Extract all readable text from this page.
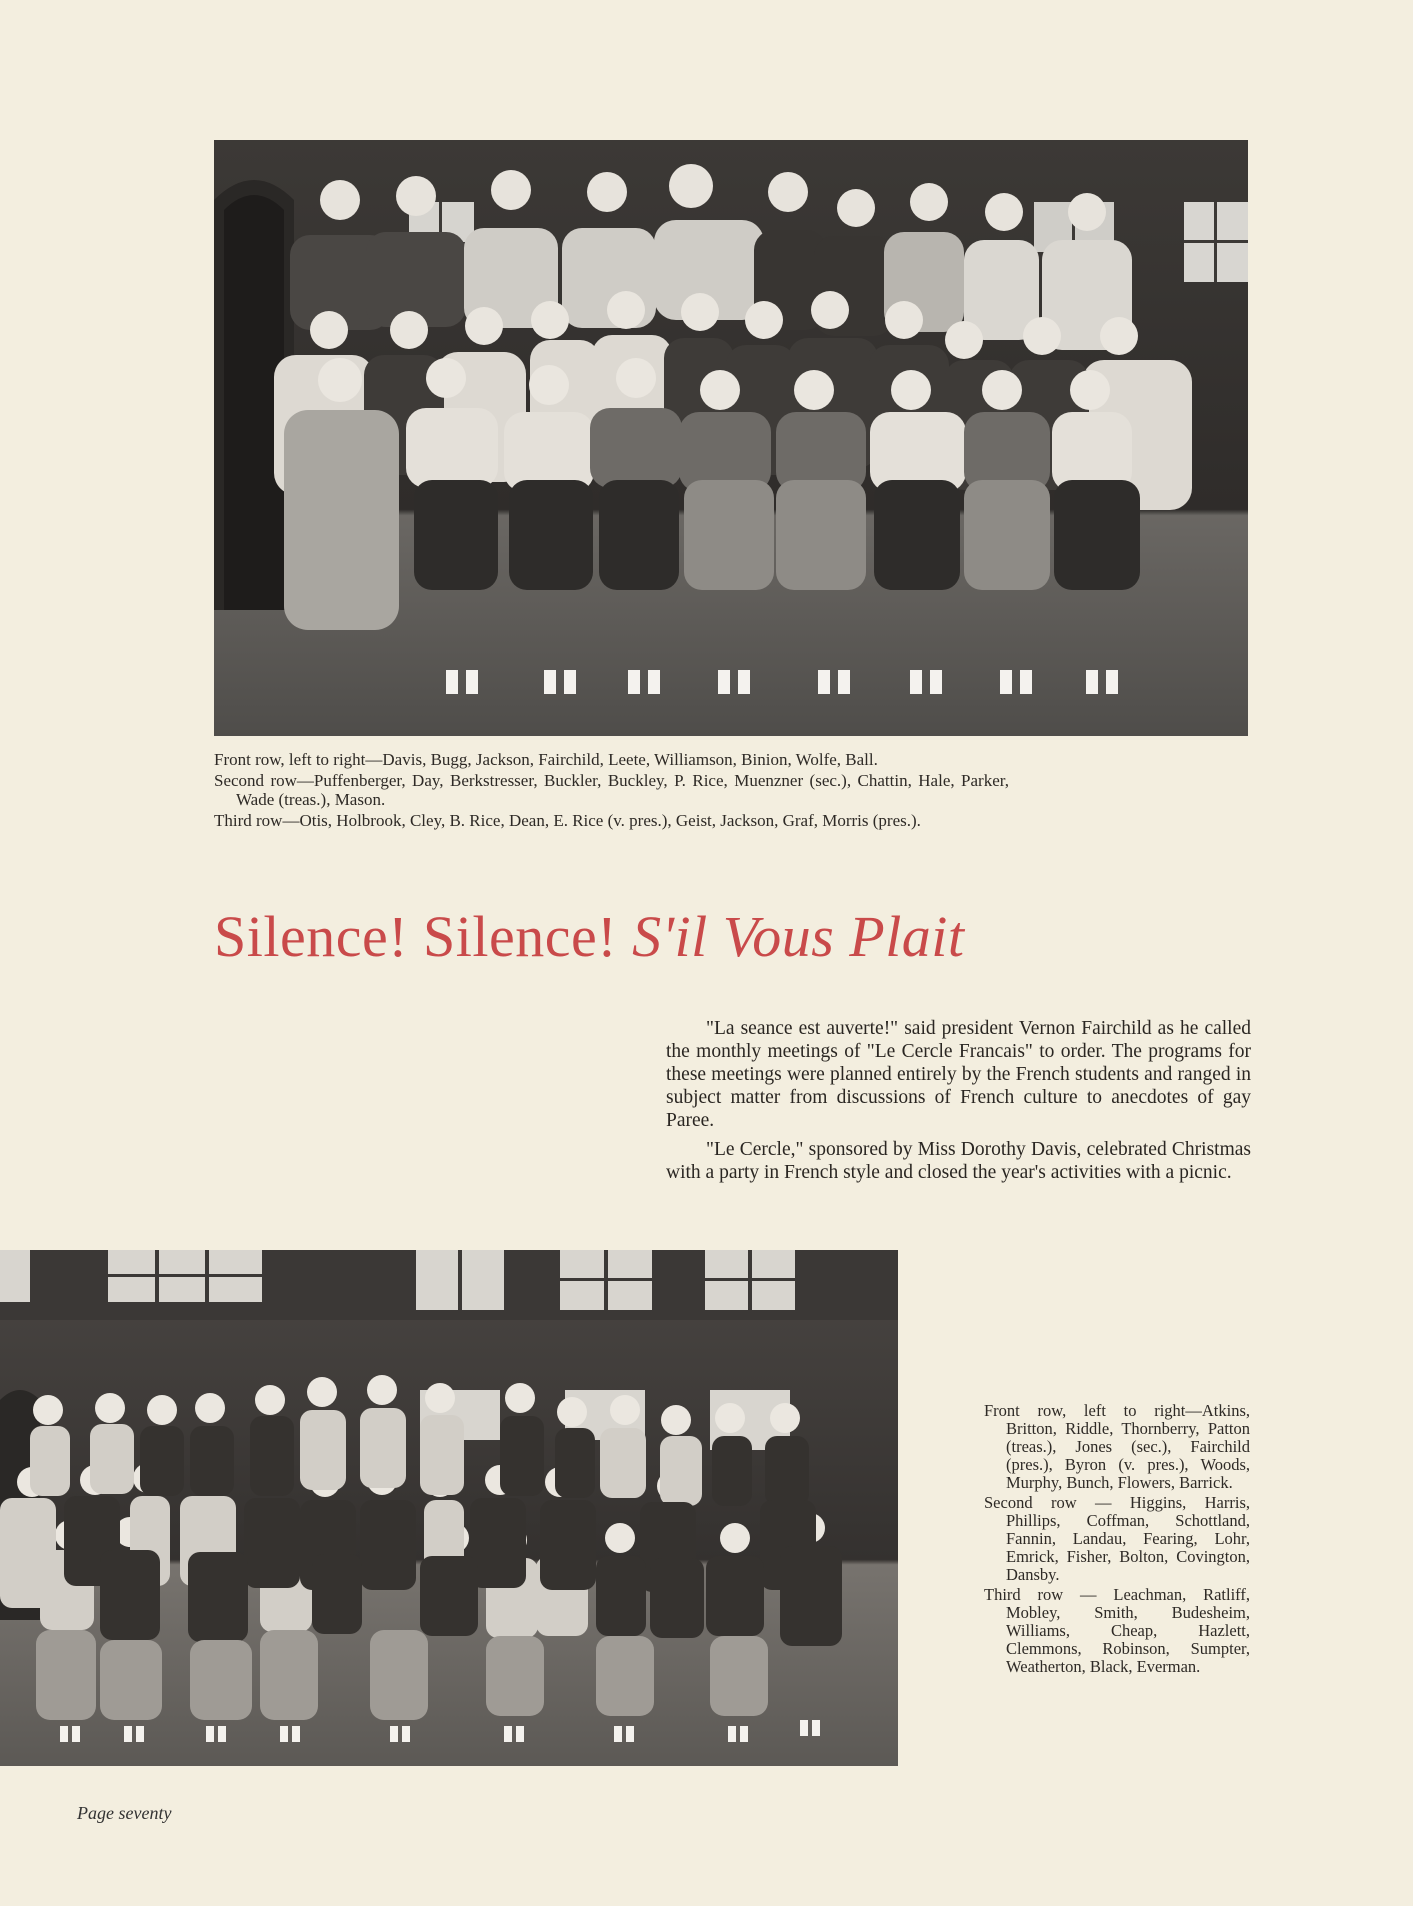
Front row, left to right—Davis, Bugg, Jackson, Fairchild, Leete, Williamson, Binion, Wolfe, Ball.

Second row—Puffenberger, Day, Berkstresser, Buckler, Buckley, P. Rice, Muenzner (sec.), Chattin, Hale, Parker, Wade (treas.), Mason.

Third row—Otis, Holbrook, Cley, B. Rice, Dean, E. Rice (v. pres.), Geist, Jackson, Graf, Morris (pres.).

Silence! Silence! S'il Vous Plait

"La seance est auverte!" said president Vernon Fairchild as he called the monthly meetings of "Le Cercle Francais" to order. The programs for these meetings were planned entirely by the French students and ranged in subject matter from discussions of French culture to anecdotes of gay Paree.

"Le Cercle," sponsored by Miss Dorothy Davis, celebrated Christmas with a party in French style and closed the year's activities with a picnic.

Front row, left to right—Atkins, Britton, Riddle, Thornberry, Patton (treas.), Jones (sec.), Fairchild (pres.), Byron (v. pres.), Woods, Murphy, Bunch, Flowers, Barrick.

Second row — Higgins, Harris, Phillips, Coffman, Schottland, Fannin, Landau, Fearing, Lohr, Emrick, Fisher, Bolton, Covington, Dansby.

Third row — Leachman, Ratliff, Mobley, Smith, Budesheim, Williams, Cheap, Hazlett, Clemmons, Robinson, Sumpter, Weatherton, Black, Everman.

Page seventy
